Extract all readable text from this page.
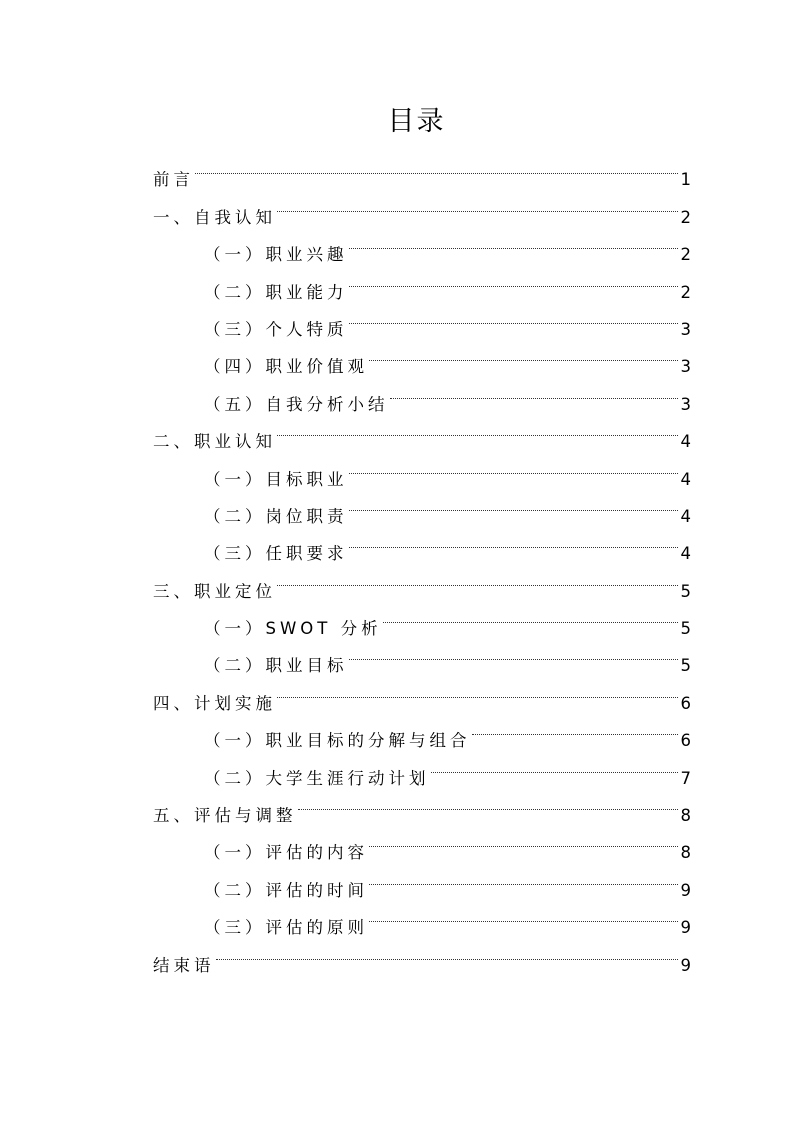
目录
前言	1
一、自我认知	2
（一）职业兴趣	2
（二）职业能力	2
（三）个人特质	3
（四）职业价值观	3
（五）自我分析小结	3
二、职业认知	4
（一）目标职业	4
（二）岗位职责	4
（三）任职要求	4
三、职业定位	5
（一）SWOT 分析	5
（二）职业目标	5
四、计划实施	6
（一）职业目标的分解与组合	6
（二）大学生涯行动计划	7
五、评估与调整	8
（一）评估的内容	8
（二）评估的时间	9
（三）评估的原则	9
结束语	9
